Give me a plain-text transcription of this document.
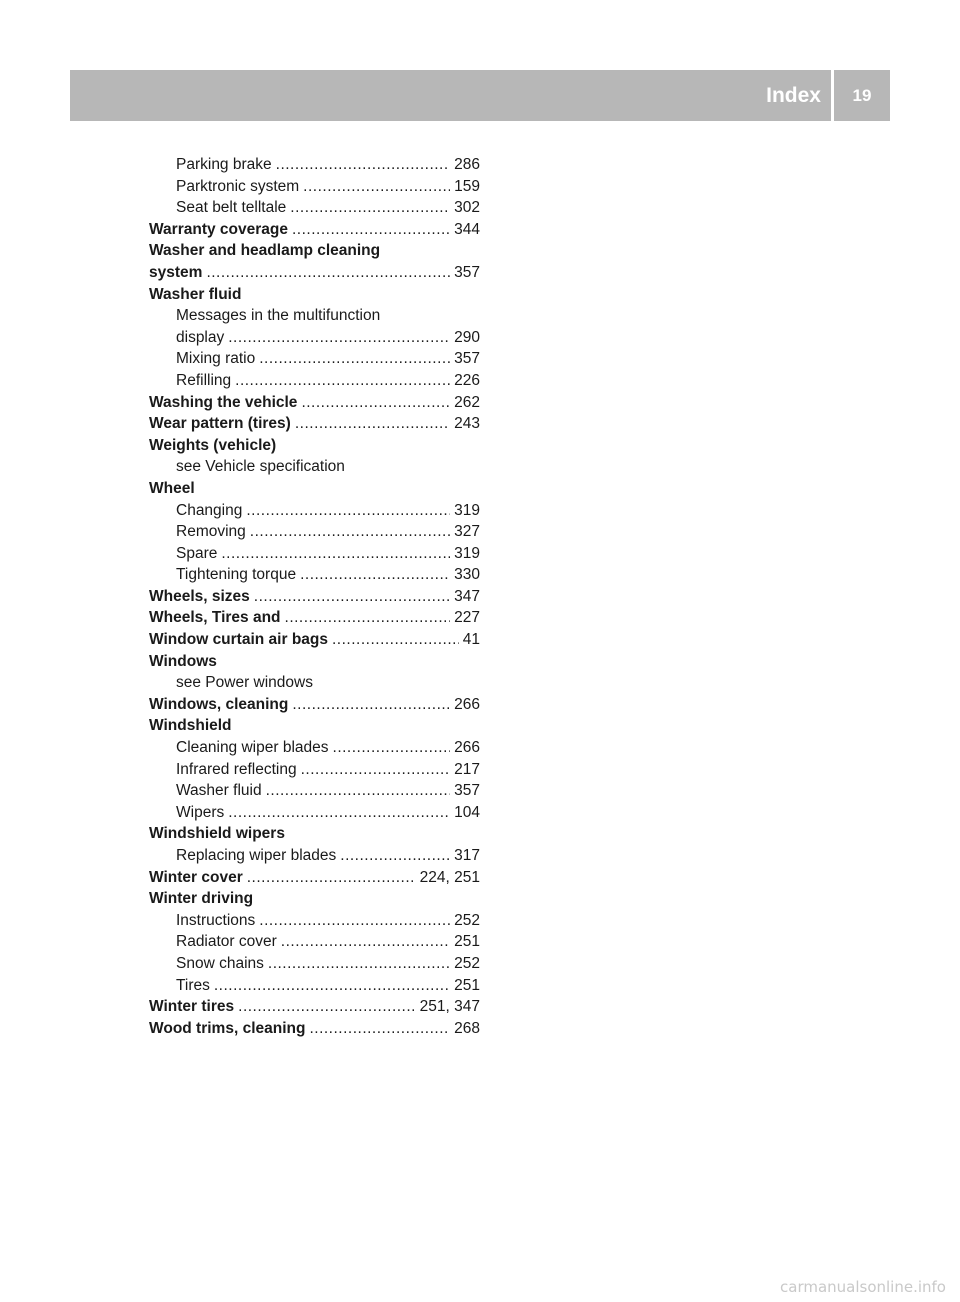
Index	19
Parking brake .....	286
Parktronic system .....	159
Seat belt telltale .....	302
Warranty coverage .....	344
Washer and headlamp cleaning
system .....	357
Washer fluid
Messages in the multifunction
display .....	290
Mixing ratio .....	357
Refilling .....	226
Washing the vehicle .....	262
Wear pattern (tires) .....	243
Weights (vehicle)
see Vehicle specification
Wheel
Changing .....	319
Removing .....	327
Spare .....	319
Tightening torque .....	330
Wheels, sizes .....	347
Wheels, Tires and .....	227
Window curtain air bags .....	41
Windows
see Power windows
Windows, cleaning .....	266
Windshield
Cleaning wiper blades .....	266
Infrared reflecting .....	217
Washer fluid .....	357
Wipers .....	104
Windshield wipers
Replacing wiper blades .....	317
Winter cover .....	224, 251
Winter driving
Instructions .....	252
Radiator cover .....	251
Snow chains .....	252
Tires .....	251
Winter tires .....	251, 347
Wood trims, cleaning .....	268
carmanualsonline.info
